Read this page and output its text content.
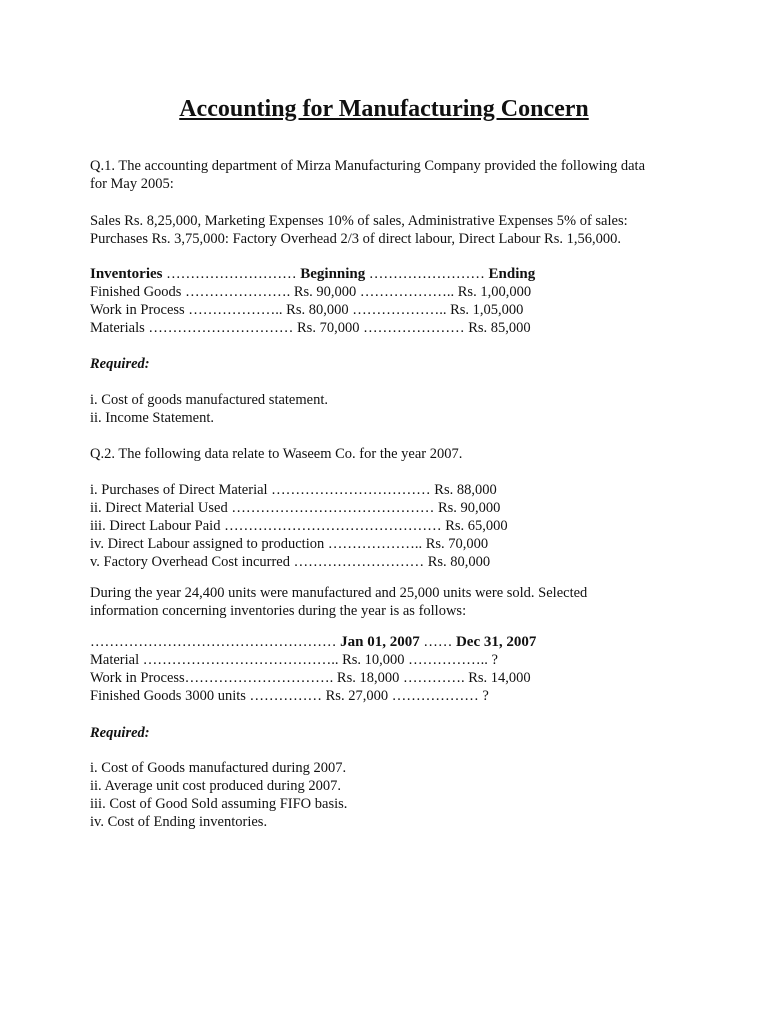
Accounting for Manufacturing Concern

Q.1. The accounting department of Mirza Manufacturing Company provided the following data

for May 2005:

Sales Rs. 8,25,000, Marketing Expenses 10% of sales, Administrative Expenses 5% of sales:

Purchases Rs. 3,75,000: Factory Overhead 2/3 of direct labour, Direct Labour Rs. 1,56,000.

Inventories ……………………… Beginning …………………… Ending

Finished Goods …………………. Rs. 90,000 ……………….. Rs. 1,00,000

Work in Process ……………….. Rs. 80,000 ……………….. Rs. 1,05,000

Materials ………………………… Rs. 70,000 ………………… Rs. 85,000

Required:

i. Cost of goods manufactured statement.

ii. Income Statement.

Q.2. The following data relate to Waseem Co. for the year 2007.

i. Purchases of Direct Material …………………………… Rs. 88,000

ii. Direct Material Used …………………………………… Rs. 90,000

iii. Direct Labour Paid ……………………………………… Rs. 65,000

iv. Direct Labour assigned to production ……………….. Rs. 70,000

v. Factory Overhead Cost incurred ……………………… Rs. 80,000

During the year 24,400 units were manufactured and 25,000 units were sold. Selected

information concerning inventories during the year is as follows:

…………………………………………… Jan 01, 2007 …… Dec 31, 2007

Material ………………………………….. Rs. 10,000 …………….. ?

Work in Process…………………………. Rs. 18,000 …………. Rs. 14,000

Finished Goods 3000 units …………… Rs. 27,000 ……………… ?

Required:

i. Cost of Goods manufactured during 2007.

ii. Average unit cost produced during 2007.

iii. Cost of Good Sold assuming FIFO basis.

iv. Cost of Ending inventories.
